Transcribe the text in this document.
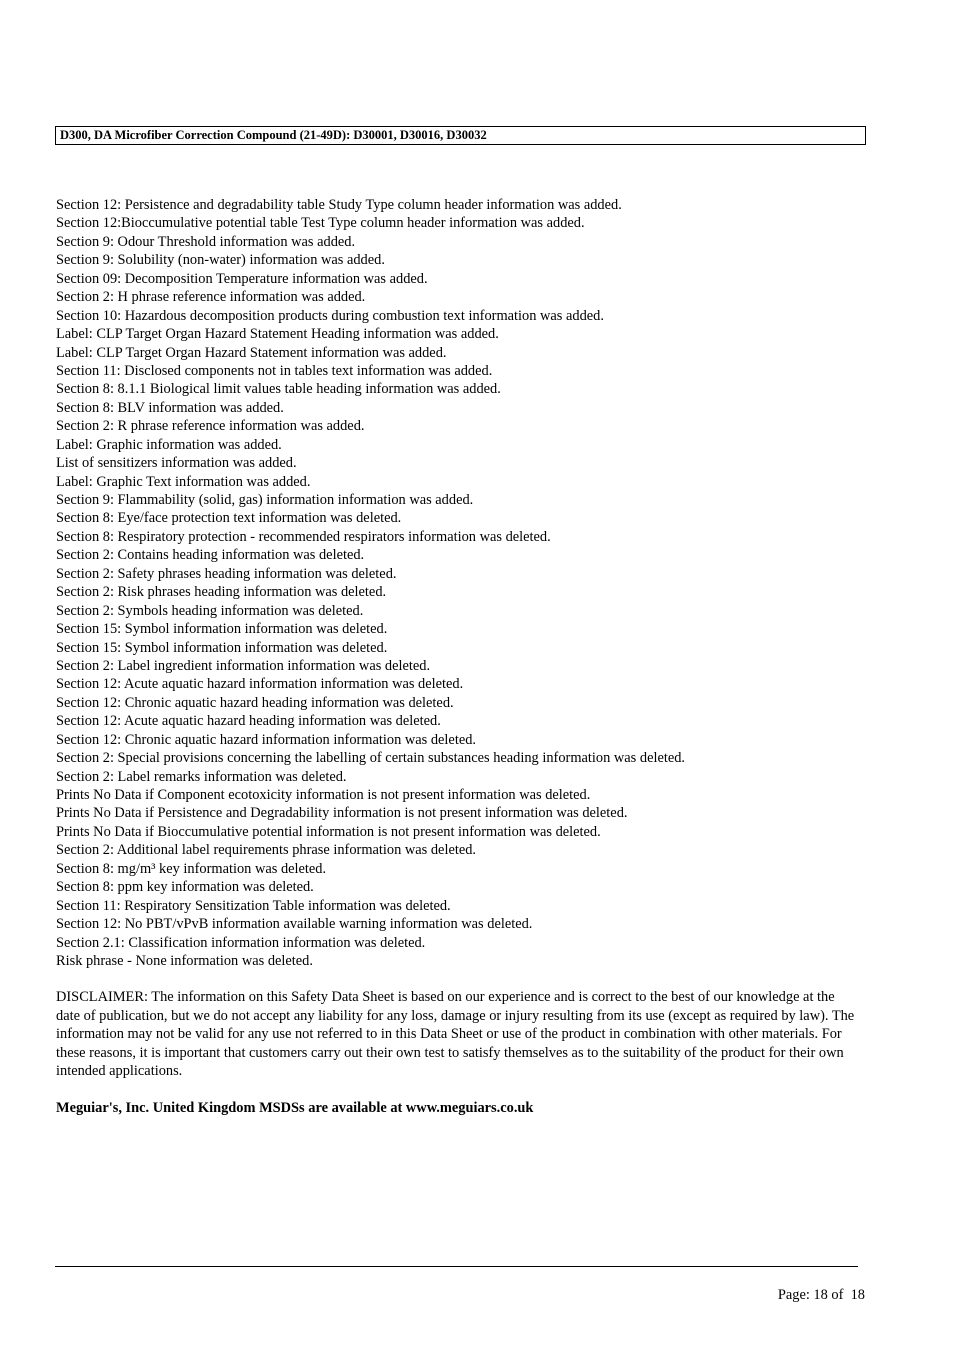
D300, DA Microfiber Correction Compound (21-49D): D30001, D30016, D30032
Section 12: Persistence and degradability table Study Type column header information was added.
Section 12:Bioccumulative potential table Test Type column header information was added.
Section 9: Odour Threshold information was added.
Section 9: Solubility (non-water) information was added.
Section 09: Decomposition Temperature information was added.
Section 2: H phrase reference information was added.
Section 10: Hazardous decomposition products during combustion text information was added.
Label: CLP Target Organ Hazard Statement Heading information was added.
Label: CLP Target Organ Hazard Statement information was added.
Section 11: Disclosed components not in tables text information was added.
Section 8: 8.1.1 Biological limit values table heading information was added.
Section 8: BLV information was added.
Section 2: R phrase reference information was added.
Label: Graphic information was added.
List of sensitizers information was added.
Label: Graphic Text information was added.
Section 9: Flammability (solid, gas) information information was added.
Section 8: Eye/face protection text information was deleted.
Section 8: Respiratory protection - recommended respirators information was deleted.
Section 2: Contains heading information was deleted.
Section 2: Safety phrases heading information was deleted.
Section 2: Risk phrases heading information was deleted.
Section 2: Symbols heading information was deleted.
Section 15: Symbol information information was deleted.
Section 15: Symbol information information was deleted.
Section 2: Label ingredient information information was deleted.
Section 12: Acute aquatic hazard information information was deleted.
Section 12: Chronic aquatic hazard heading information was deleted.
Section 12: Acute aquatic hazard heading information was deleted.
Section 12: Chronic aquatic hazard information information was deleted.
Section 2: Special provisions concerning the labelling of certain substances heading information was deleted.
Section 2: Label remarks information was deleted.
Prints No Data if Component ecotoxicity information is not present information was deleted.
Prints No Data if Persistence and Degradability information is not present information was deleted.
Prints No Data if Bioccumulative potential information is not present information was deleted.
Section 2: Additional label requirements phrase information was deleted.
Section 8: mg/m³ key information was deleted.
Section 8: ppm key information was deleted.
Section 11: Respiratory Sensitization Table information was deleted.
Section 12: No PBT/vPvB information available warning information was deleted.
Section 2.1: Classification information information was deleted.
Risk phrase - None information was deleted.

DISCLAIMER: The information on this Safety Data Sheet is based on our experience and is correct to the best of our knowledge at the date of publication, but we do not accept any liability for any loss, damage or injury resulting from its use (except as required by law). The information may not be valid for any use not referred to in this Data Sheet or use of the product in combination with other materials. For these reasons, it is important that customers carry out their own test to satisfy themselves as to the suitability of the product for their own intended applications.

Meguiar's, Inc. United Kingdom MSDSs are available at www.meguiars.co.uk

Page: 18 of  18
